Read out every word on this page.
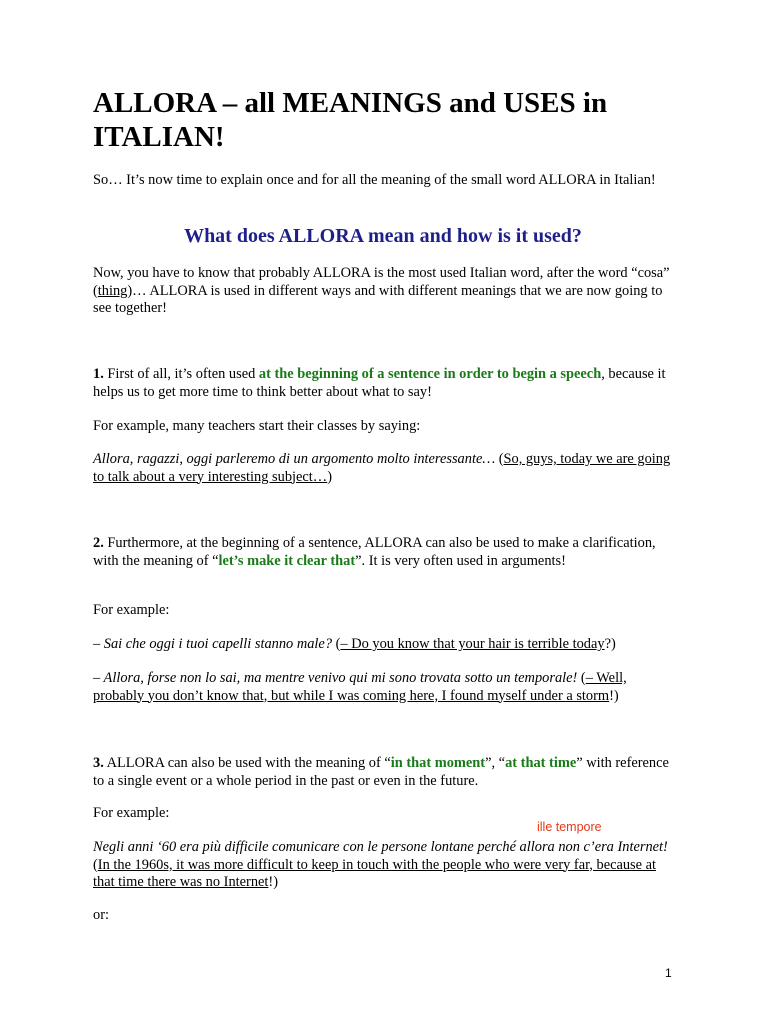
ALLORA – all MEANINGS and USES in ITALIAN!

So… It’s now time to explain once and for all the meaning of the small word ALLORA in Italian!

What does ALLORA mean and how is it used?

Now, you have to know that probably ALLORA is the most used Italian word, after the word “cosa” (thing)… ALLORA is used in different ways and with different meanings that we are now going to see together!

1. First of all, it’s often used at the beginning of a sentence in order to begin a speech, because it helps us to get more time to think better about what to say!

For example, many teachers start their classes by saying:

Allora, ragazzi, oggi parleremo di un argomento molto interessante… (So, guys, today we are going to talk about a very interesting subject…)

2. Furthermore, at the beginning of a sentence, ALLORA can also be used to make a clarification, with the meaning of “let’s make it clear that”. It is very often used in arguments!

For example:

– Sai che oggi i tuoi capelli stanno male? (– Do you know that your hair is terrible today?)

– Allora, forse non lo sai, ma mentre venivo qui mi sono trovata sotto un temporale! (– Well, probably you don’t know that, but while I was coming here, I found myself under a storm!)

3. ALLORA can also be used with the meaning of “in that moment”, “at that time” with reference to a single event or a whole period in the past or even in the future.

For example:

Negli anni ‘60 era più difficile comunicare con le persone lontane perché allora non c’era Internet! (In the 1960s, it was more difficult to keep in touch with the people who were very far, because at that time there was no Internet!)

or:

ille tempore
1
